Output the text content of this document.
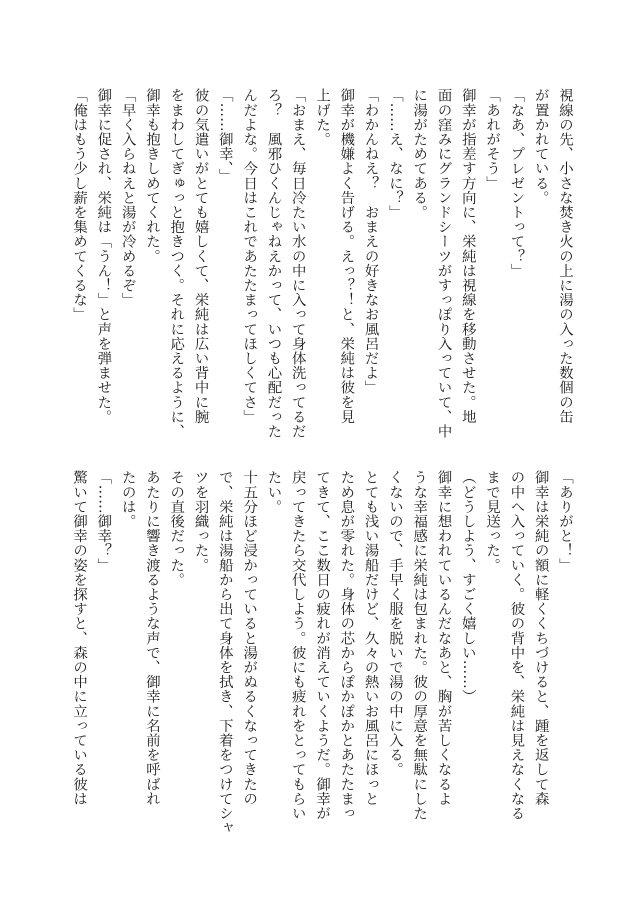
視線の先、小さな焚き火の上に湯の入った数個の缶
が置かれている。
「なあ、プレゼントって？」
「あれがそう」
御幸が指差す方向に、栄純は視線を移動させた。地
面の窪みにグランドシーツがすっぽり入っていて、中
に湯がためてある。
「……え、なに？」
「わかんねえ？　おまえの好きなお風呂だよ」
御幸が機嫌よく告げる。えっ？！と、栄純は彼を見
上げた。
「おまえ、毎日冷たい水の中に入って身体洗ってるだ
ろ？　風邪ひくんじゃねえかって、いつも心配だった
んだよな。今日はこれであたたまってほしくてさ」
「……御幸、」
彼の気遣いがとても嬉しくて、栄純は広い背中に腕
をまわしてぎゅっと抱きつく。それに応えるように、
御幸も抱きしめてくれた。
「早く入らねえと湯が冷めるぞ」
御幸に促され、栄純は「うん！」と声を弾ませた。
「俺はもう少し薪を集めてくるな」
「ありがと！」
御幸は栄純の額に軽くくちづけると、踵を返して森
の中へ入っていく。彼の背中を、栄純は見えなくなる
まで見送った。
（どうしよう、すごく嬉しい……）
御幸に想われているんだなあと、胸が苦しくなるよ
うな幸福感に栄純は包まれた。彼の厚意を無駄にした
くないので、手早く服を脱いで湯の中に入る。
とても浅い湯船だけど、久々の熱いお風呂にほっと
ため息が零れた。身体の芯からぽかぽかとあたたまっ
てきて、ここ数日の疲れが消えていくようだ。御幸が
戻ってきたら交代しよう。彼にも疲れをとってもらい
たい。
十五分ほど浸かっていると湯がぬるくなってきたの
で、栄純は湯船から出て身体を拭き、下着をつけてシャ
ツを羽織った。
その直後だった。
あたりに響き渡るような声で、御幸に名前を呼ばれ
たのは。
「……御幸？」
驚いて御幸の姿を探すと、森の中に立っている彼は
